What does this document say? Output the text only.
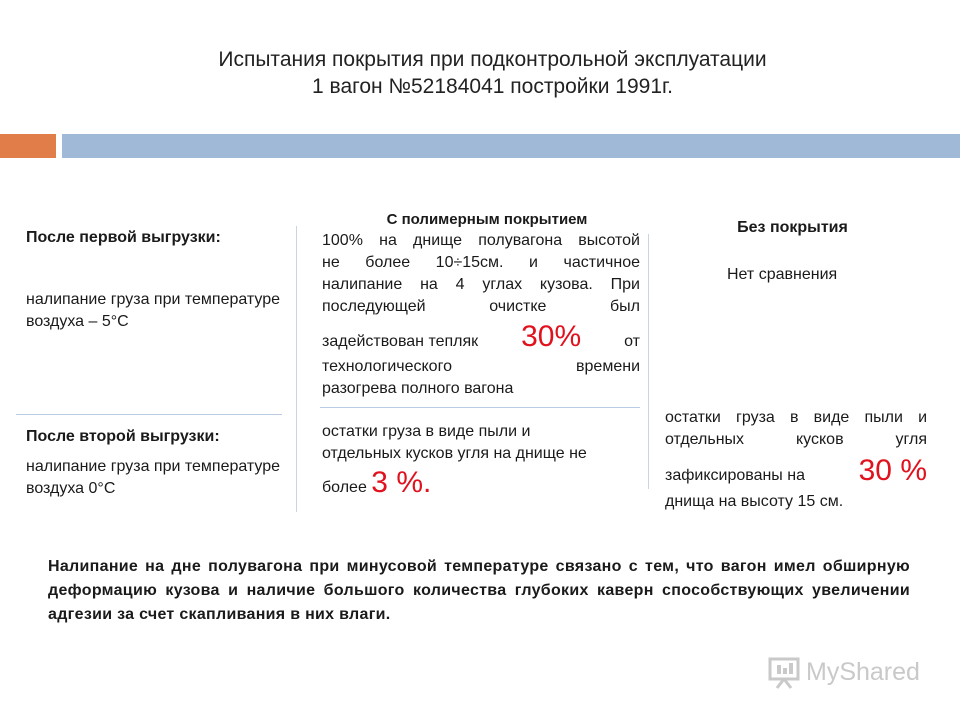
Испытания покрытия при подконтрольной эксплуатации
1 вагон №52184041 постройки 1991г.
С полимерным покрытием	Без покрытия
После первой выгрузки:
налипание груза при температуре воздуха – 5°С
100% на днище полувагона высотой
не более 10÷15см. и частичное
налипание на 4 углах кузова. При
последующей очистке был
задействован тепляк 30%	от
технологического времени
разогрева полного вагона
Нет сравнения
После второй выгрузки:
налипание груза при температуре воздуха 0°С
остатки груза в виде пыли и
отдельных кусков угля на днище не
более 3 %.
остатки груза в виде пыли и
отдельных кусков угля
зафиксированы на 30 %
днища на высоту 15 см.
Налипание на дне полувагона при минусовой температуре связано с тем, что вагон имел обширную деформацию кузова и наличие большого количества глубоких каверн способствующих увеличении адгезии за счет скапливания в них влаги.
MyShared
